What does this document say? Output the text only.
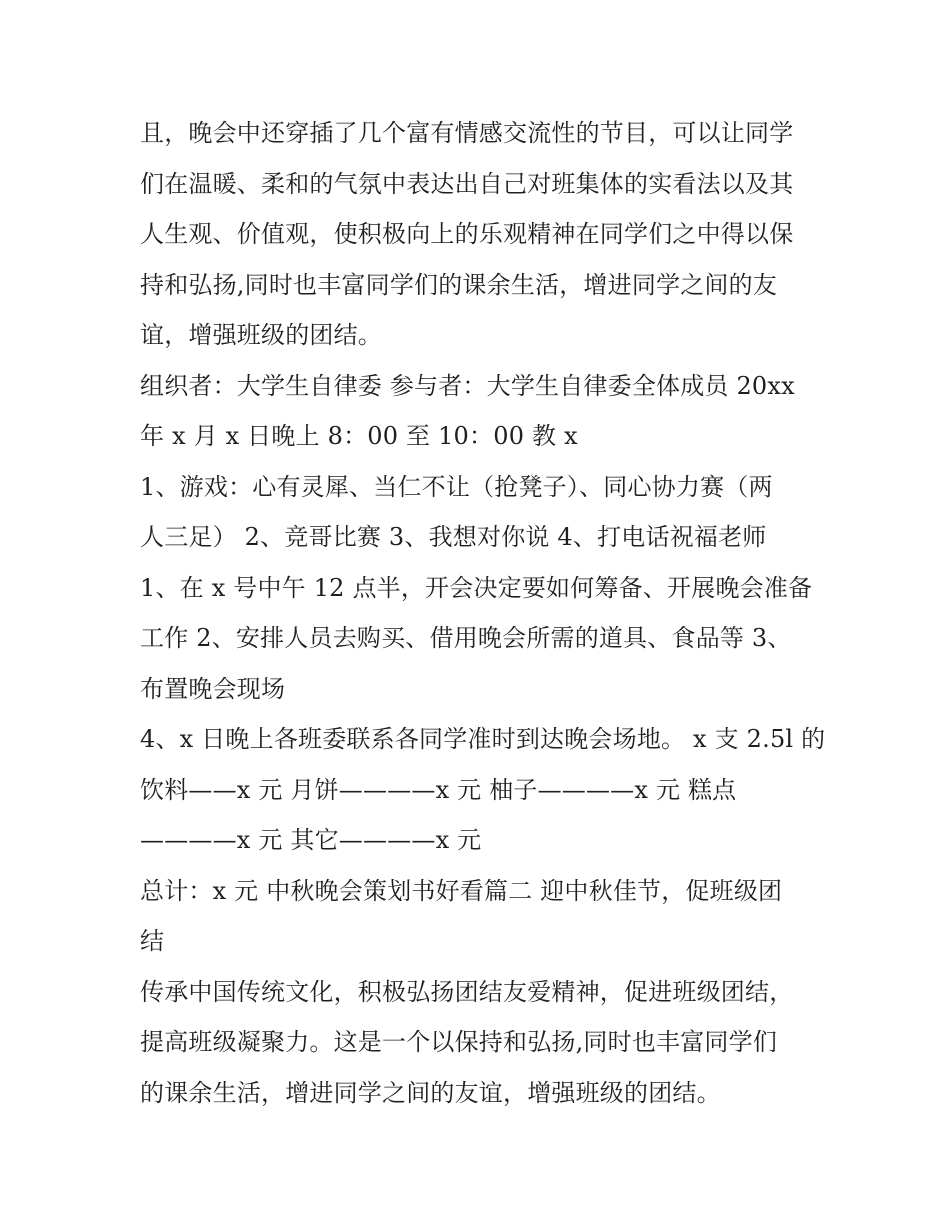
且，晚会中还穿插了几个富有情感交流性的节目，可以让同学
们在温暖、柔和的气氛中表达出自己对班集体的实看法以及其
人生观、价值观，使积极向上的乐观精神在同学们之中得以保
持和弘扬,同时也丰富同学们的课余生活，增进同学之间的友
谊，增强班级的团结。

组织者：大学生自律委 参与者：大学生自律委全体成员 20xx
年 x 月 x 日晚上 8：00 至 10：00 教 x

1、游戏：心有灵犀、当仁不让（抢凳子）、同心协力赛（两
人三足） 2、竞哥比赛 3、我想对你说 4、打电话祝福老师

1、在 x 号中午 12 点半，开会决定要如何筹备、开展晚会准备
工作 2、安排人员去购买、借用晚会所需的道具、食品等 3、
布置晚会现场

4、x 日晚上各班委联系各同学准时到达晚会场地。 x 支 2.5l 的
饮料——x 元 月饼————x 元 柚子————x 元 糕点
————x 元 其它————x 元

总计：x 元 中秋晚会策划书好看篇二 迎中秋佳节，促班级团
结

传承中国传统文化，积极弘扬团结友爱精神，促进班级团结，
提高班级凝聚力。这是一个以保持和弘扬,同时也丰富同学们
的课余生活，增进同学之间的友谊，增强班级的团结。
